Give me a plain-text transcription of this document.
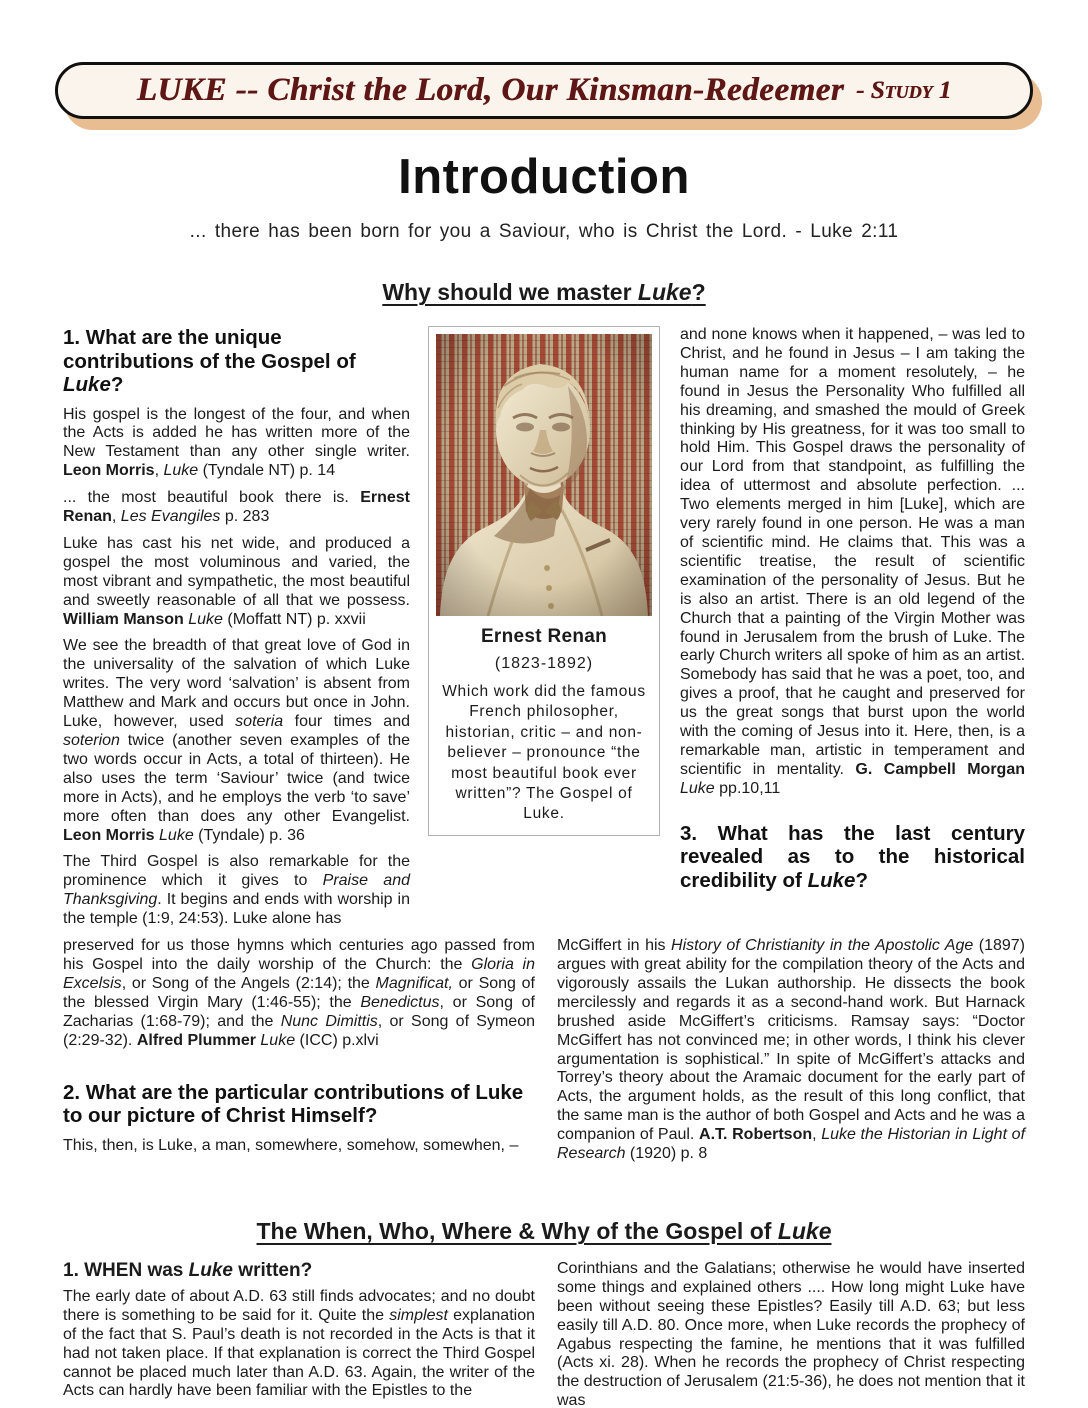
LUKE -- Christ the Lord, Our Kinsman-Redeemer - Study 1
Introduction

... there has been born for you a Saviour, who is Christ the Lord. - Luke 2:11

Why should we master Luke?
1. What are the unique contributions of the Gospel of Luke?

His gospel is the longest of the four, and when the Acts is added he has written more of the New Testament than any other single writer. Leon Morris, Luke (Tyndale NT) p. 14

... the most beautiful book there is. Ernest Renan, Les Evangiles p. 283

Luke has cast his net wide, and produced a gospel the most voluminous and varied, the most vibrant and sympathetic, the most beautiful and sweetly reasonable of all that we possess. William Manson Luke (Moffatt NT) p. xxvii

We see the breadth of that great love of God in the universality of the salvation of which Luke writes. The very word ‘salvation’ is absent from Matthew and Mark and occurs but once in John. Luke, however, used soteria four times and soterion twice (another seven examples of the two words occur in Acts, a total of thirteen). He also uses the term ‘Saviour’ twice (and twice more in Acts), and he employs the verb ‘to save’ more often than does any other Evangelist. Leon Morris Luke (Tyndale) p. 36

The Third Gospel is also remarkable for the prominence which it gives to Praise and Thanksgiving. It begins and ends with worship in the temple (1:9, 24:53). Luke alone has

Ernest Renan
(1823-1892)
Which work did the famous French philosopher, historian, critic – and non-believer – pronounce “the most beautiful book ever written”? The Gospel of Luke.

and none knows when it happened, – was led to Christ, and he found in Jesus – I am taking the human name for a moment resolutely, – he found in Jesus the Personality Who fulfilled all his dreaming, and smashed the mould of Greek thinking by His greatness, for it was too small to hold Him. This Gospel draws the personality of our Lord from that standpoint, as fulfilling the idea of uttermost and absolute perfection. ... Two elements merged in him [Luke], which are very rarely found in one person. He was a man of scientific mind. He claims that. This was a scientific treatise, the result of scientific examination of the personality of Jesus. But he is also an artist. There is an old legend of the Church that a painting of the Virgin Mother was found in Jerusalem from the brush of Luke. The early Church writers all spoke of him as an artist. Somebody has said that he was a poet, too, and gives a proof, that he caught and preserved for us the great songs that burst upon the world with the coming of Jesus into it. Here, then, is a remarkable man, artistic in temperament and scientific in mentality. G. Campbell Morgan Luke pp.10,11

3. What has the last century revealed as to the historical credibility of Luke?

preserved for us those hymns which centuries ago passed from his Gospel into the daily worship of the Church: the Gloria in Excelsis, or Song of the Angels (2:14); the Magnificat, or Song of the blessed Virgin Mary (1:46-55); the Benedictus, or Song of Zacharias (1:68-79); and the Nunc Dimittis, or Song of Symeon (2:29-32). Alfred Plummer Luke (ICC) p.xlvi

2. What are the particular contributions of Luke to our picture of Christ Himself?

This, then, is Luke, a man, somewhere, somehow, somewhen, –

McGiffert in his History of Christianity in the Apostolic Age (1897) argues with great ability for the compilation theory of the Acts and vigorously assails the Lukan authorship. He dissects the book mercilessly and regards it as a second-hand work. But Harnack brushed aside McGiffert’s criticisms. Ramsay says: “Doctor McGiffert has not convinced me; in other words, I think his clever argumentation is sophistical.” In spite of McGiffert’s attacks and Torrey’s theory about the Aramaic document for the early part of Acts, the argument holds, as the result of this long conflict, that the same man is the author of both Gospel and Acts and he was a companion of Paul. A.T. Robertson, Luke the Historian in Light of Research (1920) p. 8

The When, Who, Where & Why of the Gospel of Luke
1. WHEN was Luke written?

The early date of about A.D. 63 still finds advocates; and no doubt there is something to be said for it. Quite the simplest explanation of the fact that S. Paul’s death is not recorded in the Acts is that it had not taken place. If that explanation is correct the Third Gospel cannot be placed much later than A.D. 63. Again, the writer of the Acts can hardly have been familiar with the Epistles to the

Corinthians and the Galatians; otherwise he would have inserted some things and explained others .... How long might Luke have been without seeing these Epistles? Easily till A.D. 63; but less easily till A.D. 80. Once more, when Luke records the prophecy of Agabus respecting the famine, he mentions that it was fulfilled (Acts xi. 28). When he records the prophecy of Christ respecting the destruction of Jerusalem (21:5-36), he does not mention that it was
